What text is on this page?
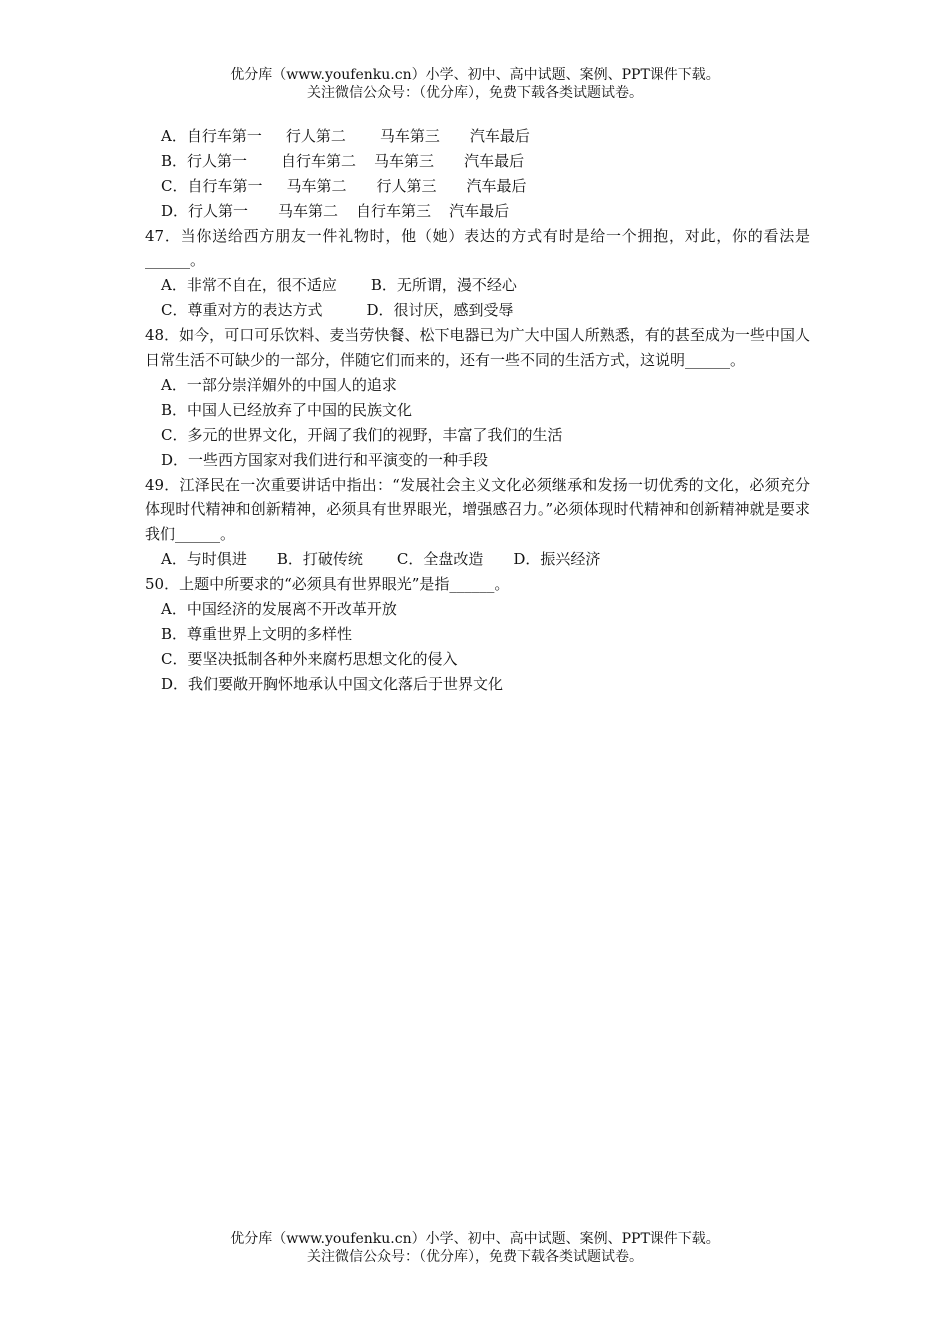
优分库（www.youfenku.cn）小学、初中、高中试题、案例、PPT课件下载。
关注微信公众号：（优分库），免费下载各类试题试卷。
A．自行车第一 行人第二 马车第三 汽车最后
B．行人第一 自行车第二 马车第三 汽车最后
C．自行车第一 马车第二 行人第三 汽车最后
D．行人第一 马车第二 自行车第三 汽车最后
47．当你送给西方朋友一件礼物时，他（她）表达的方式有时是给一个拥抱，对此，你的看法是______。
A．非常不自在，很不适应 B．无所谓，漫不经心
C．尊重对方的表达方式	D．很讨厌，感到受辱
48．如今，可口可乐饮料、麦当劳快餐、松下电器已为广大中国人所熟悉，有的甚至成为一些中国人日常生活不可缺少的一部分，伴随它们而来的，还有一些不同的生活方式，这说明______。
A．一部分崇洋媚外的中国人的追求
B．中国人已经放弃了中国的民族文化
C．多元的世界文化，开阔了我们的视野，丰富了我们的生活
D．一些西方国家对我们进行和平演变的一种手段
49．江泽民在一次重要讲话中指出：“发展社会主义文化必须继承和发扬一切优秀的文化，必须充分体现时代精神和创新精神，必须具有世界眼光，增强感召力。”必须体现时代精神和创新精神就是要求我们______。
A．与时俱进 B．打破传统 C．全盘改造 D．振兴经济
50．上题中所要求的“必须具有世界眼光”是指______。
A．中国经济的发展离不开改革开放
B．尊重世界上文明的多样性
C．要坚决抵制各种外来腐朽思想文化的侵入
D．我们要敞开胸怀地承认中国文化落后于世界文化
优分库（www.youfenku.cn）小学、初中、高中试题、案例、PPT课件下载。
关注微信公众号：（优分库），免费下载各类试题试卷。
